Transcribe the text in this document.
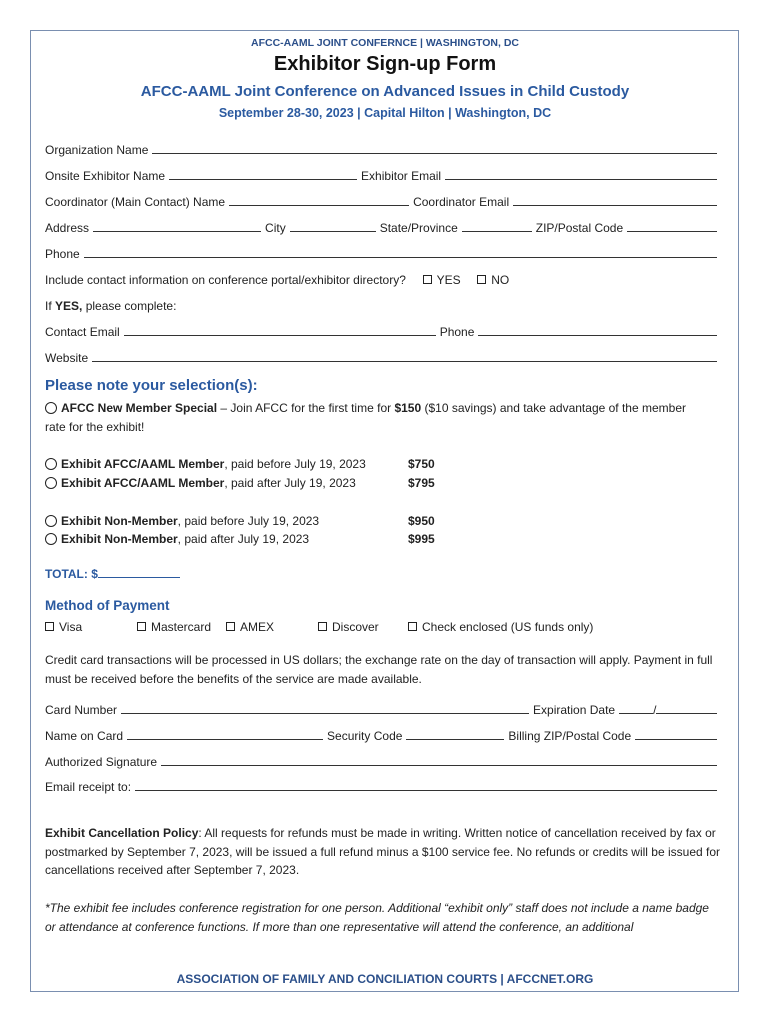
AFCC-AAML JOINT CONFERNCE | WASHINGTON, DC
Exhibitor Sign-up Form
AFCC-AAML Joint Conference on Advanced Issues in Child Custody
September 28-30, 2023 | Capital Hilton | Washington, DC
Organization Name
Onsite Exhibitor Name	Exhibitor Email
Coordinator (Main Contact) Name	Coordinator Email
Address	City	State/Province	ZIP/Postal Code
Phone
Include contact information on conference portal/exhibitor directory?	YES	NO
If YES, please complete:
Contact Email	Phone
Website
Please note your selection(s):
AFCC New Member Special
– Join AFCC for the first time for
$150
($10 savings) and take advantage of the member
rate for the exhibit!
Exhibit AFCC/AAML Member , paid before July 19, 2023	$750
Exhibit AFCC/AAML Member , paid after July 19, 2023	$795
Exhibit Non-Member , paid before July 19, 2023	$950
Exhibit Non-Member , paid after July 19, 2023	$995
TOTAL: $
Method of Payment
Visa	Mastercard	AMEX	Discover	Check enclosed (US funds only)
Credit card transactions will be processed in US dollars; the exchange rate on the day of transaction will apply. Payment in full must be received before the benefits of the service are made available.
Card Number	Expiration Date	/
Name on Card	Security Code	Billing ZIP/Postal Code
Authorized Signature
Email receipt to:
Exhibit Cancellation Policy: All requests for refunds must be made in writing. Written notice of cancellation received by fax or postmarked by September 7, 2023, will be issued a full refund minus a $100 service fee. No refunds or credits will be issued for cancellations received after September 7, 2023.
*The exhibit fee includes conference registration for one person. Additional “exhibit only” staff does not include a name badge or attendance at conference functions. If more than one representative will attend the conference, an additional
ASSOCIATION OF FAMILY AND CONCILIATION COURTS | AFCCNET.ORG
